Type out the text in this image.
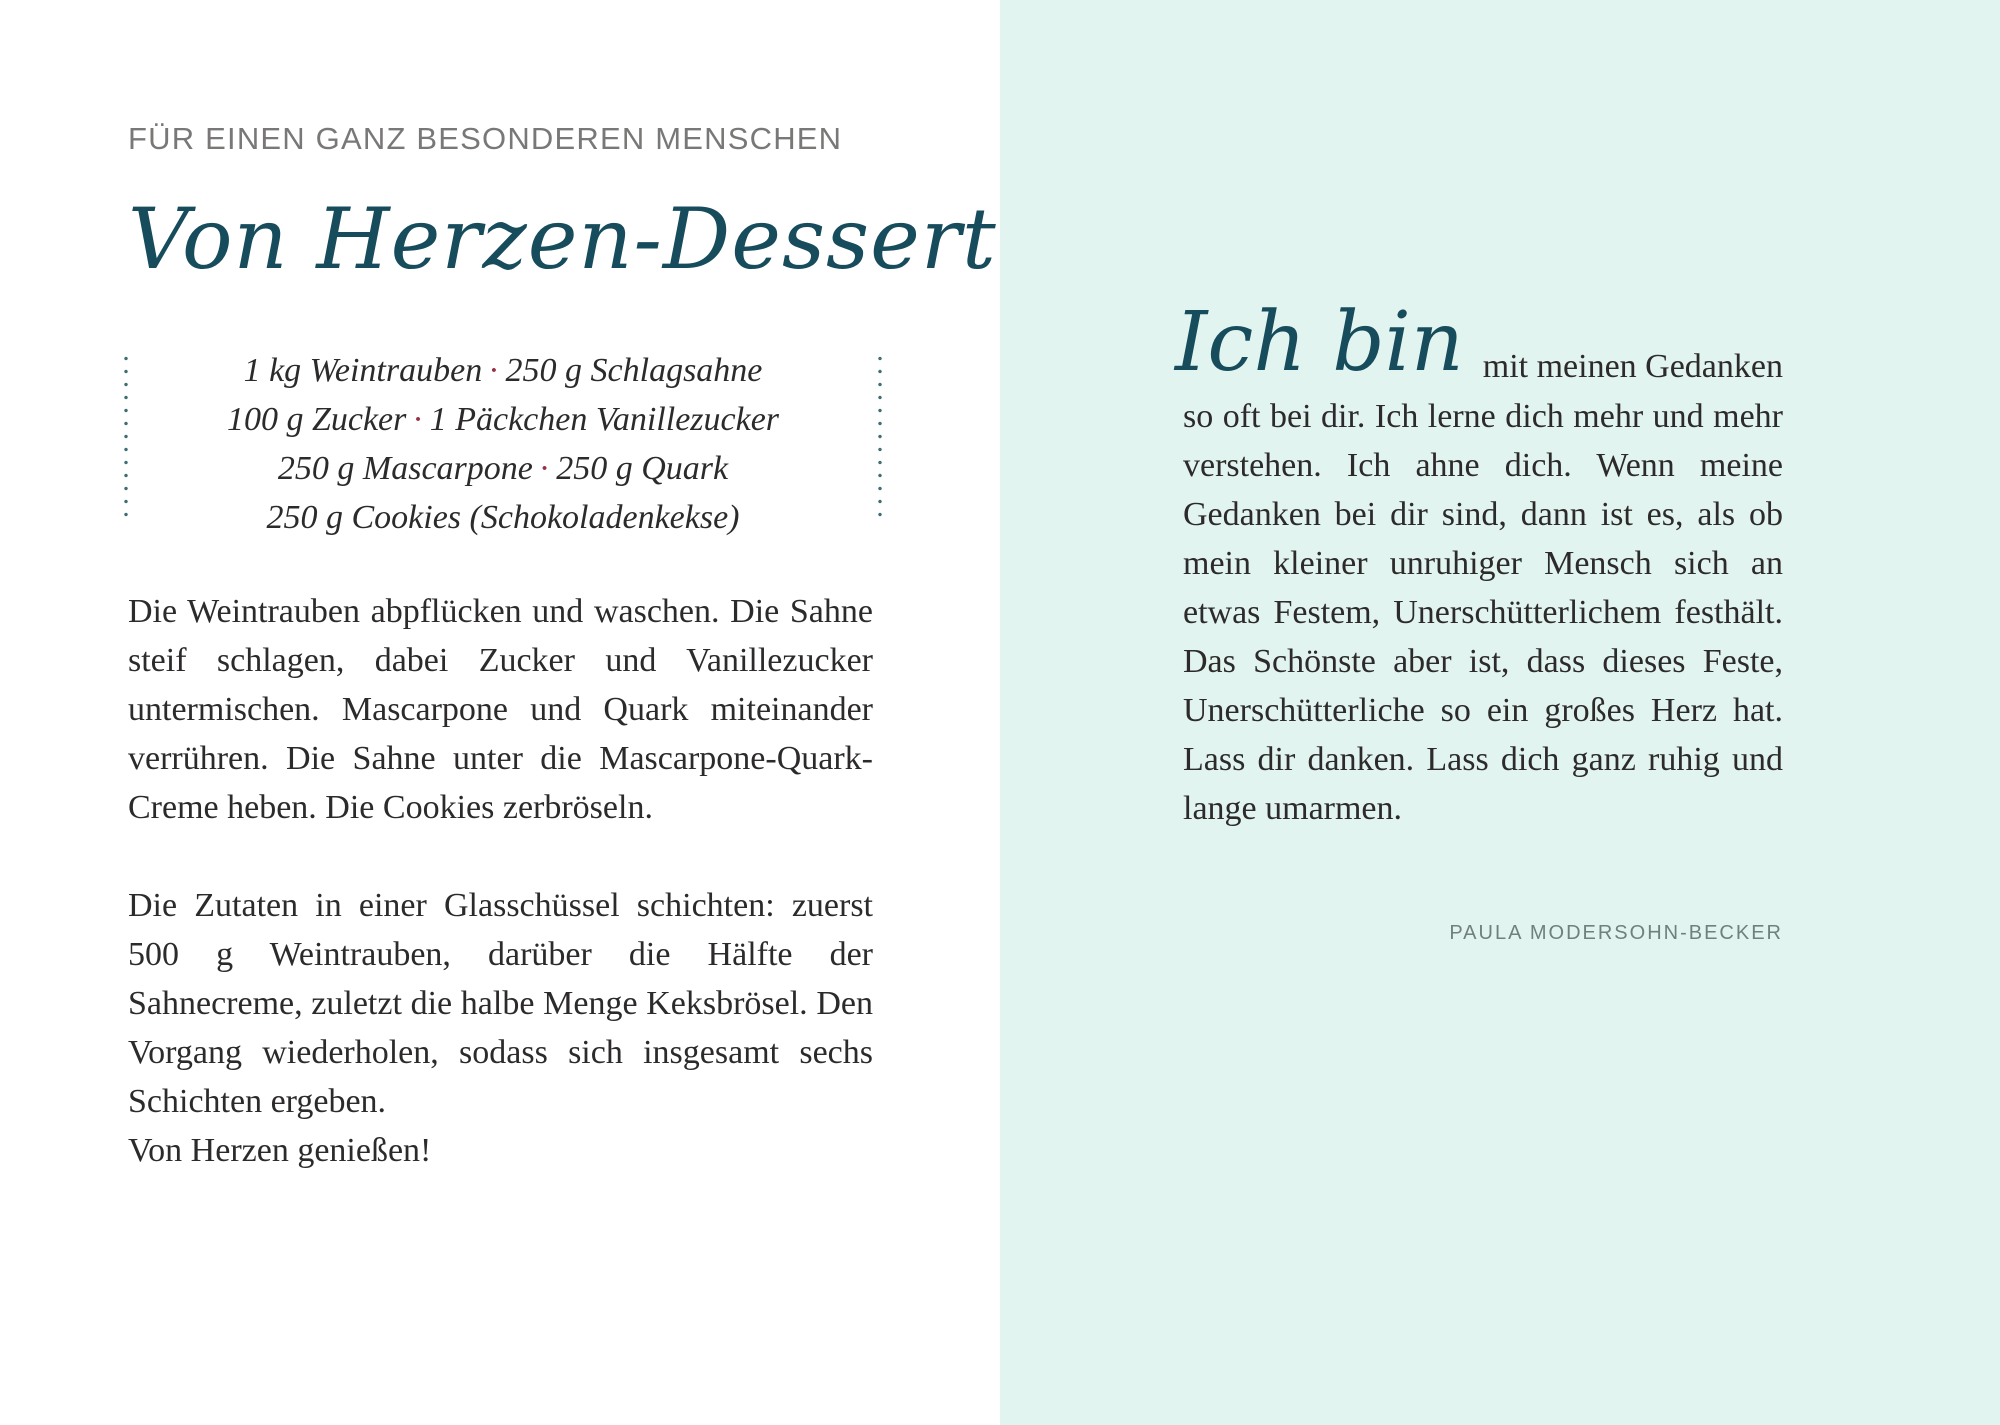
FÜR EINEN GANZ BESONDEREN MENSCHEN
Von Herzen-Dessert
1 kg Weintrauben · 250 g Schlagsahne
100 g Zucker · 1 Päckchen Vanillezucker
250 g Mascarpone · 250 g Quark
250 g Cookies (Schokoladenkekse)
Die Weintrauben abpflücken und waschen. Die Sahne steif schlagen, dabei Zucker und Vanillezucker untermischen. Mascarpone und Quark miteinander verrühren. Die Sahne unter die Mascarpone-Quark-Creme heben. Die Cookies zerbröseln.
Die Zutaten in einer Glasschüssel schichten: zuerst 500 g Weintrauben, darüber die Hälfte der Sahnecreme, zuletzt die halbe Menge Keksbrösel. Den Vorgang wiederholen, sodass sich insgesamt sechs Schichten ergeben.
Von Herzen genießen!
Ich bin mit meinen Gedanken
so oft bei dir. Ich lerne dich mehr und mehr verstehen. Ich ahne dich. Wenn meine Gedanken bei dir sind, dann ist es, als ob mein kleiner unruhiger Mensch sich an etwas Festem, Unerschütterlichem festhält. Das Schönste aber ist, dass dieses Feste, Unerschütterliche so ein großes Herz hat. Lass dir danken. Lass dich ganz ruhig und lange umarmen.
PAULA MODERSOHN-BECKER
